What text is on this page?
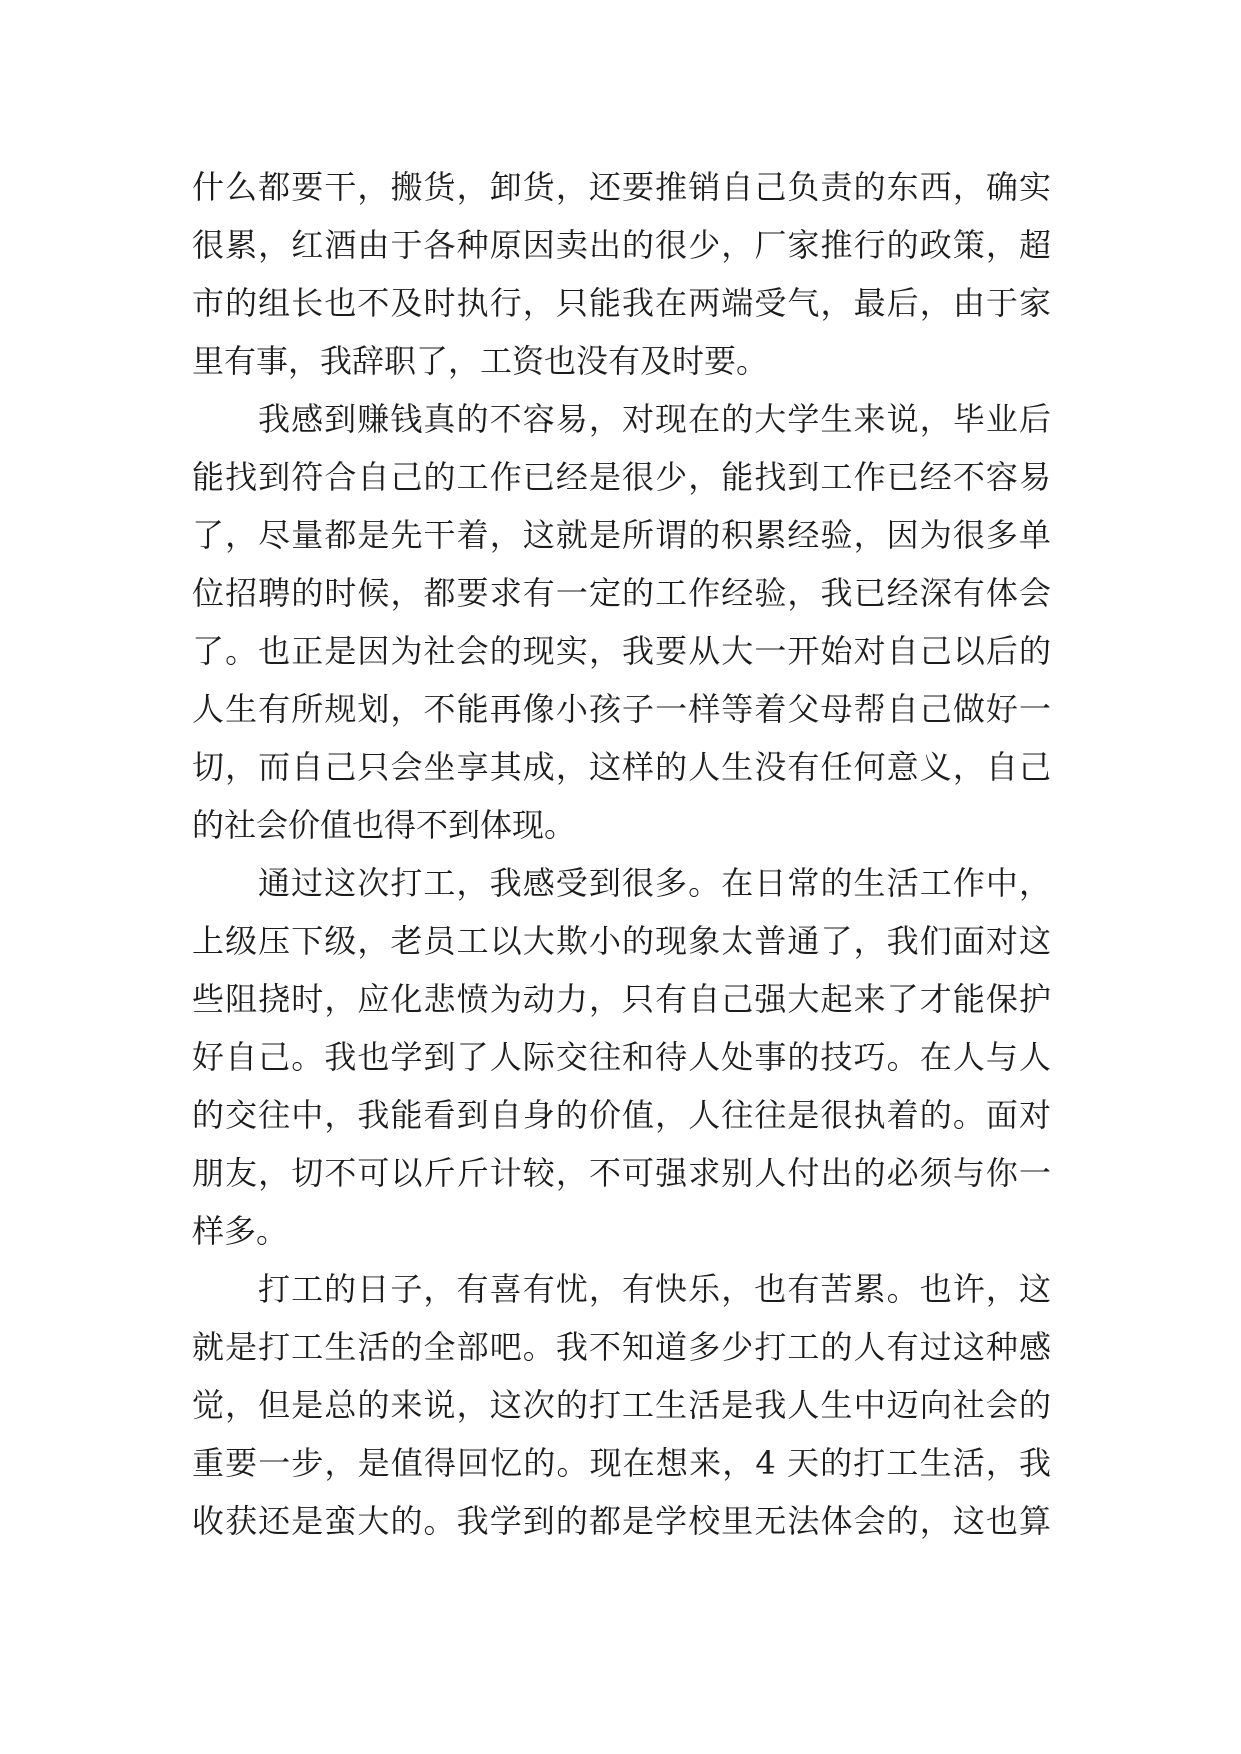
什么都要干，搬货，卸货，还要推销自己负责的东西，确实
很累，红酒由于各种原因卖出的很少，厂家推行的政策，超
市的组长也不及时执行，只能我在两端受气，最后，由于家
里有事，我辞职了，工资也没有及时要。
我感到赚钱真的不容易，对现在的大学生来说，毕业后
能找到符合自己的工作已经是很少，能找到工作已经不容易
了，尽量都是先干着，这就是所谓的积累经验，因为很多单
位招聘的时候，都要求有一定的工作经验，我已经深有体会
了。也正是因为社会的现实，我要从大一开始对自己以后的
人生有所规划，不能再像小孩子一样等着父母帮自己做好一
切，而自己只会坐享其成，这样的人生没有任何意义，自己
的社会价值也得不到体现。
通过这次打工，我感受到很多。在日常的生活工作中，
上级压下级，老员工以大欺小的现象太普通了，我们面对这
些阻挠时，应化悲愤为动力，只有自己强大起来了才能保护
好自己。我也学到了人际交往和待人处事的技巧。在人与人
的交往中，我能看到自身的价值，人往往是很执着的。面对
朋友，切不可以斤斤计较，不可强求别人付出的必须与你一
样多。
打工的日子，有喜有忧，有快乐，也有苦累。也许，这
就是打工生活的全部吧。我不知道多少打工的人有过这种感
觉，但是总的来说，这次的打工生活是我人生中迈向社会的
重要一步，是值得回忆的。现在想来，4 天的打工生活，我
收获还是蛮大的。我学到的都是学校里无法体会的，这也算
